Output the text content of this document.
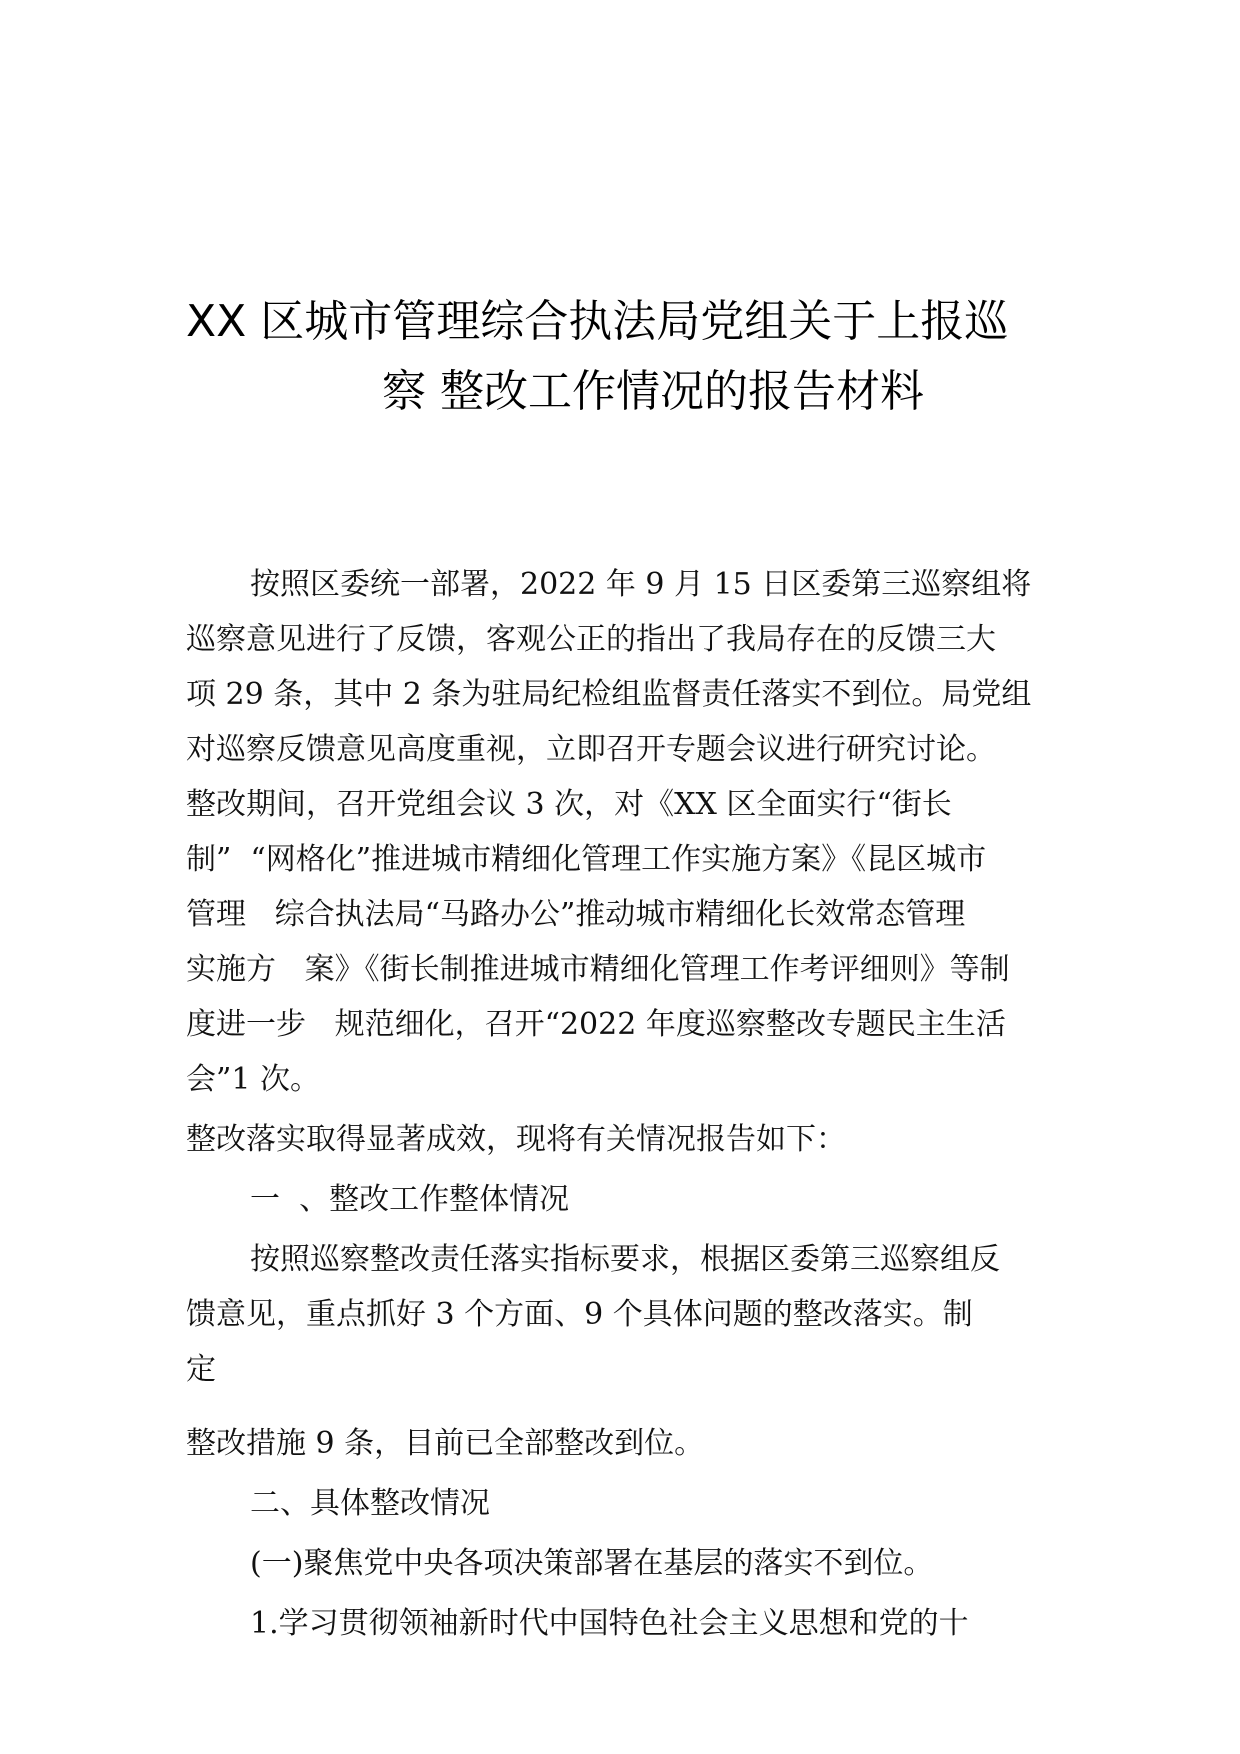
XX 区城市管理综合执法局党组关于上报巡
察 整改工作情况的报告材料
按照区委统一部署，2022 年 9 月 15 日区委第三巡察组将
巡察意见进行了反馈，客观公正的指出了我局存在的反馈三大
项 29 条，其中 2 条为驻局纪检组监督责任落实不到位。局党组
对巡察反馈意见高度重视，立即召开专题会议进行研究讨论。
整改期间，召开党组会议 3 次，对《XX 区全面实行“街长
制”  “网格化”推进城市精细化管理工作实施方案》《昆区城市
管理   综合执法局“马路办公”推动城市精细化长效常态管理
实施方   案》《街长制推进城市精细化管理工作考评细则》等制
度进一步   规范细化，召开“2022 年度巡察整改专题民主生活
会”1 次。
整改落实取得显著成效，现将有关情况报告如下：
一  、整改工作整体情况
按照巡察整改责任落实指标要求，根据区委第三巡察组反
馈意见，重点抓好 3 个方面、9 个具体问题的整改落实。制
定
整改措施 9 条，目前已全部整改到位。
二、具体整改情况
(一)聚焦党中央各项决策部署在基层的落实不到位。
1.学习贯彻领袖新时代中国特色社会主义思想和党的十
